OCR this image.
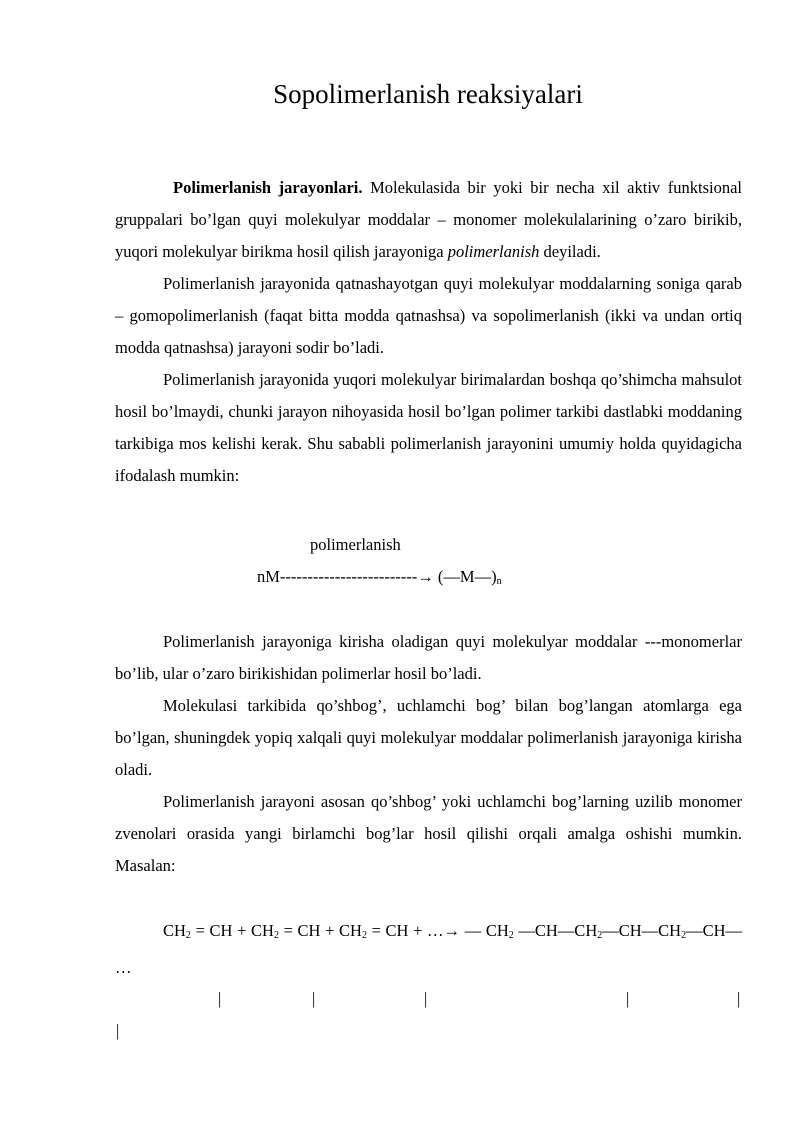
Sopolimerlanish reaksiyalari

Polimerlanish jarayonlari. Molekulasida bir yoki bir necha xil aktiv funktsional gruppalari bo’lgan quyi molekulyar moddalar – monomer molekulalarining o’zaro birikib, yuqori molekulyar birikma hosil qilish jarayoniga polimerlanish deyiladi.

Polimerlanish jarayonida qatnashayotgan quyi molekulyar moddalarning soniga qarab – gomopolimerlanish (faqat bitta modda qatnashsa) va sopolimerlanish (ikki va undan ortiq modda qatnashsa) jarayoni sodir bo’ladi.

Polimerlanish jarayonida yuqori molekulyar birimalardan boshqa qo’shimcha mahsulot hosil bo’lmaydi, chunki jarayon nihoyasida hosil bo’lgan polimer tarkibi dastlabki moddaning tarkibiga mos kelishi kerak. Shu sababli polimerlanish jarayonini umumiy holda quyidagicha ifodalash mumkin:

polimerlanish
$nM-------------------------\to (—M—)_n$

Polimerlanish jarayoniga kirisha oladigan quyi molekulyar moddalar ---monomerlar bo’lib, ular o’zaro birikishidan polimerlar hosil bo’ladi.

Molekulasi tarkibida qo’shbog’, uchlamchi bog’ bilan bog’langan atomlarga ega bo’lgan, shuningdek yopiq xalqali quyi molekulyar moddalar polimerlanish jarayoniga kirisha oladi.

Polimerlanish jarayoni asosan qo’shbog’ yoki uchlamchi bog’larning uzilib monomer zvenolari orasida yangi birlamchi bog’lar hosil qilishi orqali amalga oshishi mumkin. Masalan:

$CH_2$ = CH + $CH_2$ = CH + $CH_2$ = CH + …→ — $CH_2$ $—CH—CH_2—CH—CH_2—CH—$ …

|	|	|	|	|
|
